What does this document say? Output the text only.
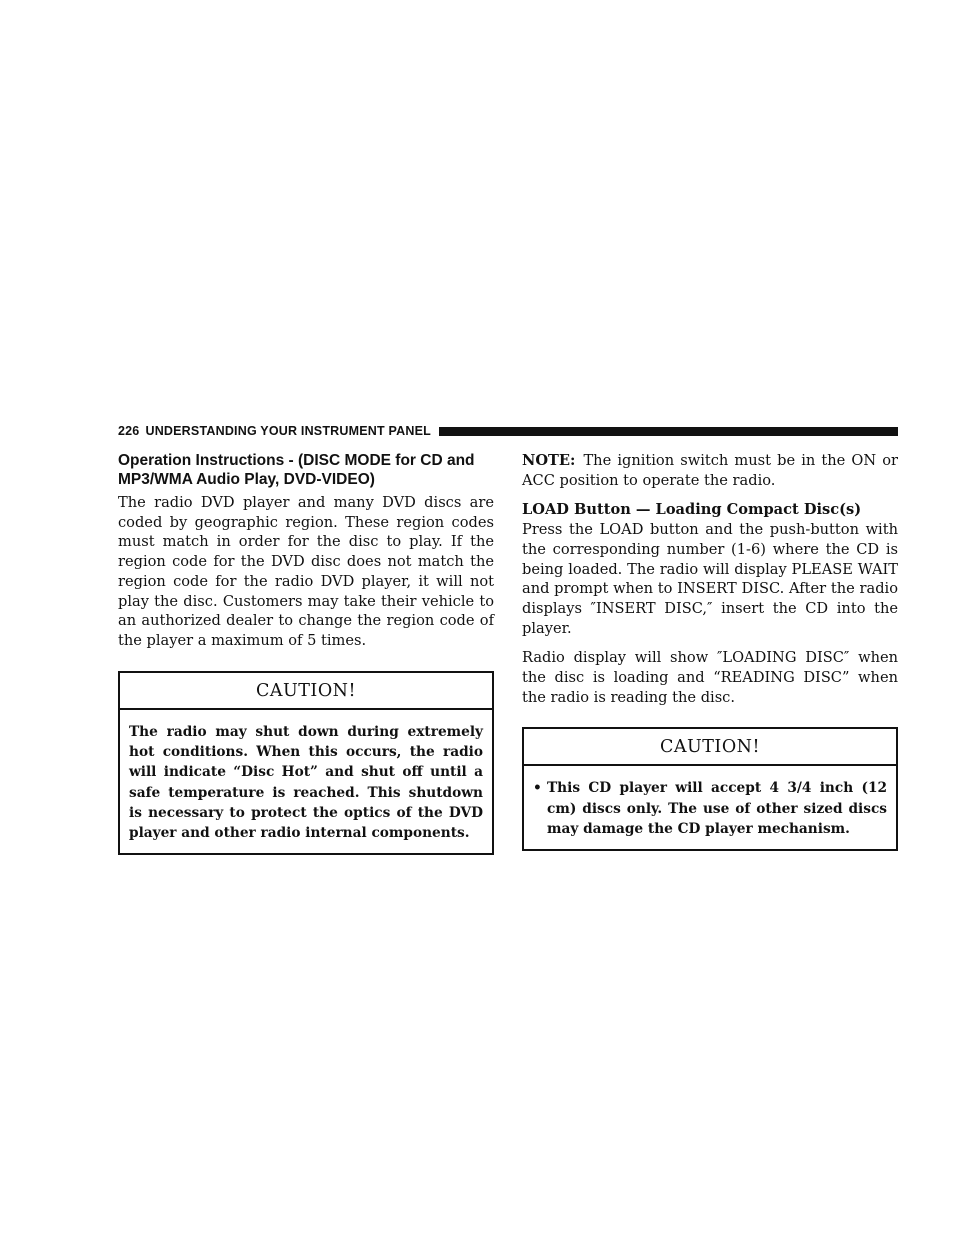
226 UNDERSTANDING YOUR INSTRUMENT PANEL
Operation Instructions - (DISC MODE for CD and MP3/WMA Audio Play, DVD-VIDEO)

The radio DVD player and many DVD discs are coded by geographic region. These region codes must match in order for the disc to play. If the region code for the DVD disc does not match the region code for the radio DVD player, it will not play the disc. Customers may take their vehicle to an authorized dealer to change the region code of the player a maximum of 5 times.

CAUTION!
The radio may shut down during extremely hot conditions. When this occurs, the radio will indicate “Disc Hot” and shut off until a safe temperature is reached. This shutdown is necessary to protect the optics of the DVD player and other radio internal components.

NOTE: The ignition switch must be in the ON or ACC position to operate the radio.

LOAD Button — Loading Compact Disc(s)

Press the LOAD button and the push-button with the corresponding number (1-6) where the CD is being loaded. The radio will display PLEASE WAIT and prompt when to INSERT DISC. After the radio displays ″INSERT DISC,″ insert the CD into the player.

Radio display will show ″LOADING DISC″ when the disc is loading and “READING DISC” when the radio is reading the disc.

CAUTION!
• This CD player will accept 4 3/4 inch (12 cm) discs only. The use of other sized discs may damage the CD player mechanism.
